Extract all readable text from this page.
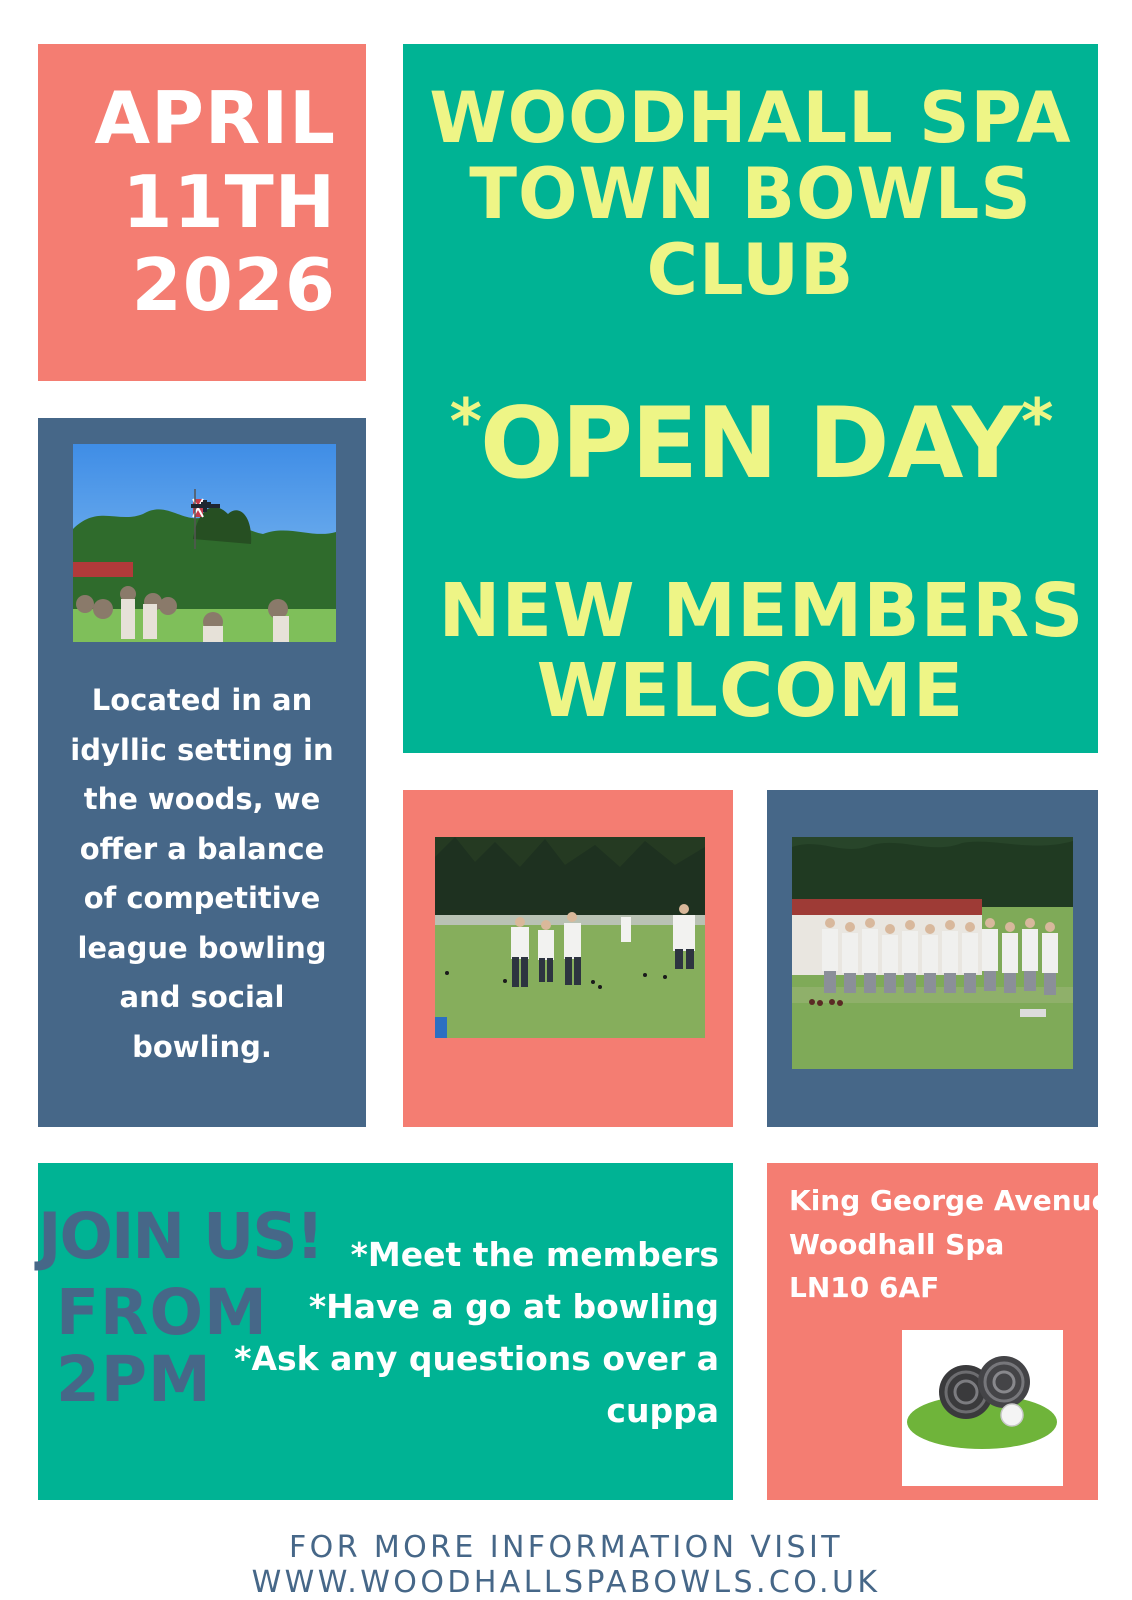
APRIL
11TH
2026
WOODHALL SPA
TOWN BOWLS
CLUB
*OPEN DAY*
NEW MEMBERS
WELCOME
Located in an
idyllic setting in
the woods, we
offer a balance
of competitive
league bowling
and social
bowling.
JOIN US!
FROM
2PM
*Meet the members
*Have a go at bowling
*Ask any questions over a
cuppa
King George Avenue
Woodhall Spa
LN10 6AF
FOR MORE INFORMATION VISIT WWW.WOODHALLSPABOWLS.CO.UK
